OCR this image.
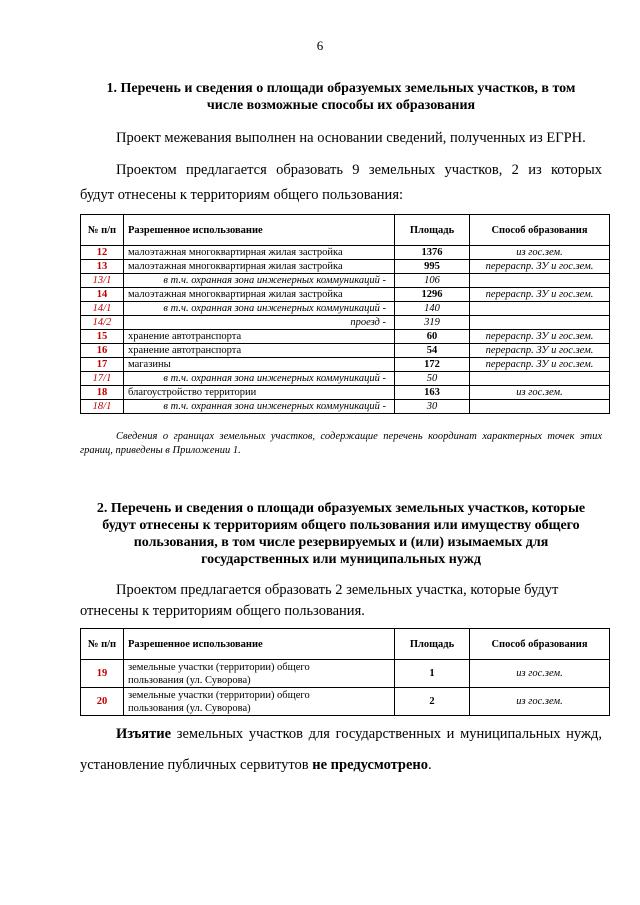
6
1. Перечень и сведения о площади образуемых земельных участков, в том
числе возможные способы их образования
Проект межевания выполнен на основании сведений, полученных из ЕГРН.
Проектом предлагается образовать 9 земельных участков, 2 из которых
будут отнесены к территориям общего пользования:
№ п/п	Разрешенное использование	Площадь	Способ образования
12	малоэтажная многоквартирная жилая застройка	1376	из гос.зем.
13	малоэтажная многоквартирная жилая застройка	995	перераспр. ЗУ и гос.зем.
13/1	в т.ч. охранная зона инженерных коммуникаций -	106	
14	малоэтажная многоквартирная жилая застройка	1296	перераспр. ЗУ и гос.зем.
14/1	в т.ч. охранная зона инженерных коммуникаций -	140	
14/2	проезд -	319	
15	хранение автотранспорта	60	перераспр. ЗУ и гос.зем.
16	хранение автотранспорта	54	перераспр. ЗУ и гос.зем.
17	магазины	172	перераспр. ЗУ и гос.зем.
17/1	в т.ч. охранная зона инженерных коммуникаций -	50	
18	благоустройство территории	163	из гос.зем.
18/1	в т.ч. охранная зона инженерных коммуникаций -	30	
Сведения о границах земельных участков, содержащие перечень координат характерных точек этих границ, приведены в Приложении 1.
2. Перечень и сведения о площади образуемых земельных участков, которые
будут отнесены к территориям общего пользования или имуществу общего
пользования, в том числе резервируемых и (или) изымаемых для
государственных или муниципальных нужд
Проектом предлагается образовать 2 земельных участка, которые будут
отнесены к территориям общего пользования.
№ п/п	Разрешенное использование	Площадь	Способ образования
19	земельные участки (территории) общего
пользования (ул. Суворова)	1	из гос.зем.
20	земельные участки (территории) общего
пользования (ул. Суворова)	2	из гос.зем.
Изъятие земельных участков для государственных и муниципальных нужд,
установление публичных сервитутов не предусмотрено.
